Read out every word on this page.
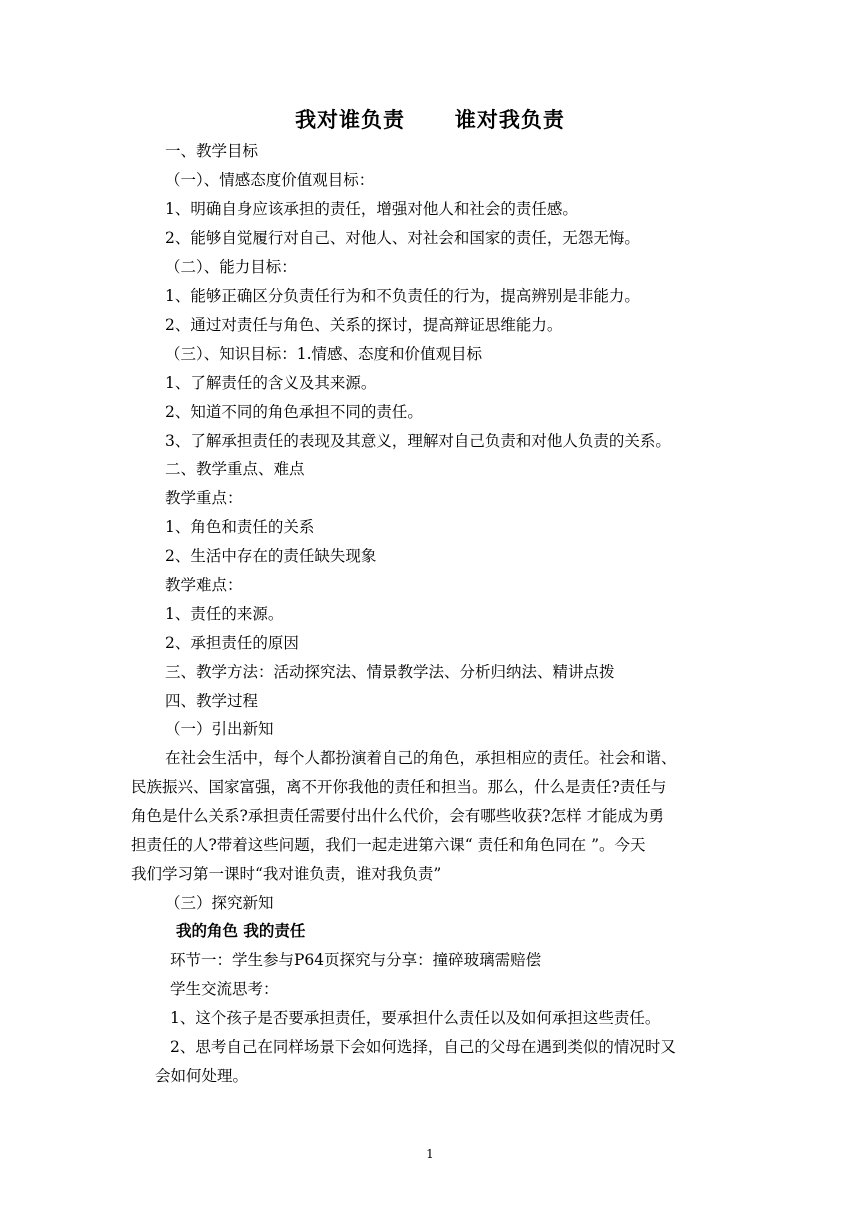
我对谁负责      谁对我负责
一、教学目标
（一）、情感态度价值观目标：
1、明确自身应该承担的责任，增强对他人和社会的责任感。
2、能够自觉履行对自己、对他人、对社会和国家的责任，无怨无悔。
（二）、能力目标：
1、能够正确区分负责任行为和不负责任的行为，提高辨别是非能力。
2、通过对责任与角色、关系的探讨，提高辩证思维能力。
（三）、知识目标：1.情感、态度和价值观目标
1、了解责任的含义及其来源。
2、知道不同的角色承担不同的责任。
3、了解承担责任的表现及其意义，理解对自己负责和对他人负责的关系。
二、教学重点、难点
教学重点：
1、角色和责任的关系
2、生活中存在的责任缺失现象
教学难点：
1、责任的来源。
2、承担责任的原因
三、教学方法：活动探究法、情景教学法、分析归纳法、精讲点拨
四、教学过程
（一）引出新知
在社会生活中，每个人都扮演着自己的角色，承担相应的责任。社会和谐、
民族振兴、国家富强，离不开你我他的责任和担当。那么，什么是责任?责任与
角色是什么关系?承担责任需要付出什么代价，会有哪些收获?怎样 才能成为勇
担责任的人?带着这些问题，我们一起走进第六课“ 责任和角色同在 ”。今天
我们学习第一课时“我对谁负责，谁对我负责”
（三）探究新知
我的角色 我的责任
环节一：学生参与P64页探究与分享：撞碎玻璃需赔偿
学生交流思考：
1、这个孩子是否要承担责任，要承担什么责任以及如何承担这些责任。
2、思考自己在同样场景下会如何选择，自己的父母在遇到类似的情况时又
会如何处理。
1
